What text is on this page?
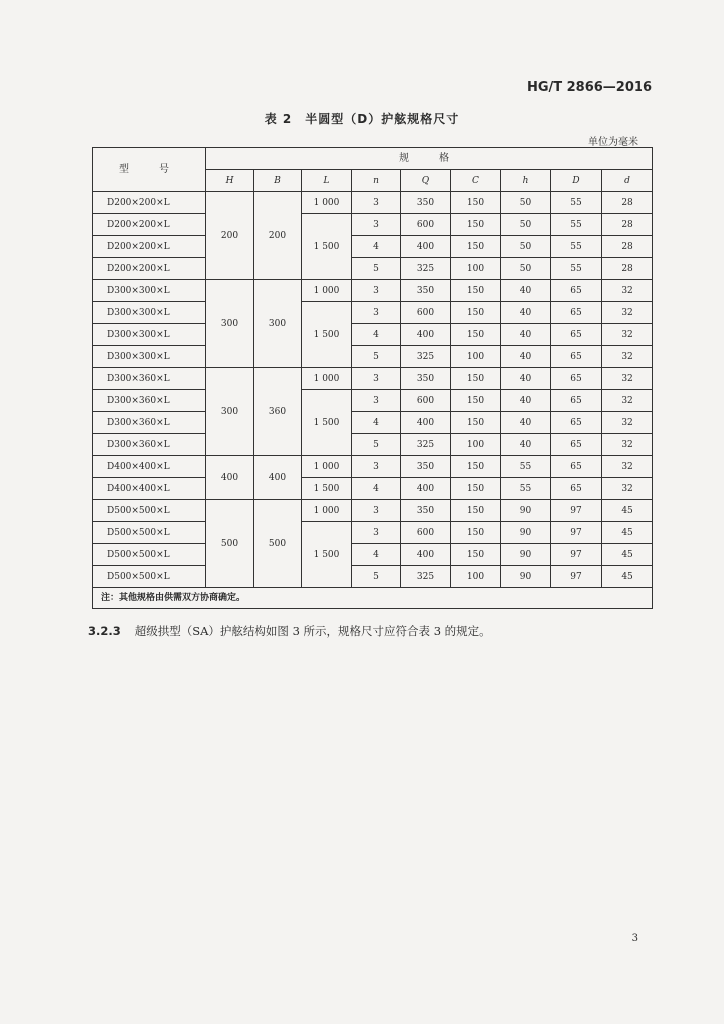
HG/T 2866—2016
表 2　半圆型（D）护舷规格尺寸
单位为毫米
型　号	规　格								
	H	B	L	n	Q	C	h	D	d
D200×200×L	200	200	1 000	3	350	150	50	55	28
D200×200×L			1 500	3	600	150	50	55	28
D200×200×L				4	400	150	50	55	28
D200×200×L				5	325	100	50	55	28
D300×300×L	300	300	1 000	3	350	150	40	65	32
D300×300×L			1 500	3	600	150	40	65	32
D300×300×L				4	400	150	40	65	32
D300×300×L				5	325	100	40	65	32
D300×360×L	300	360	1 000	3	350	150	40	65	32
D300×360×L			1 500	3	600	150	40	65	32
D300×360×L				4	400	150	40	65	32
D300×360×L				5	325	100	40	65	32
D400×400×L	400	400	1 000	3	350	150	55	65	32
D400×400×L			1 500	4	400	150	55	65	32
D500×500×L	500	500	1 000	3	350	150	90	97	45
D500×500×L			1 500	3	600	150	90	97	45
D500×500×L				4	400	150	90	97	45
D500×500×L				5	325	100	90	97	45
注：其他规格由供需双方协商确定。									
3.2.3 超级拱型（SA）护舷结构如图 3 所示，规格尺寸应符合表 3 的规定。
3
